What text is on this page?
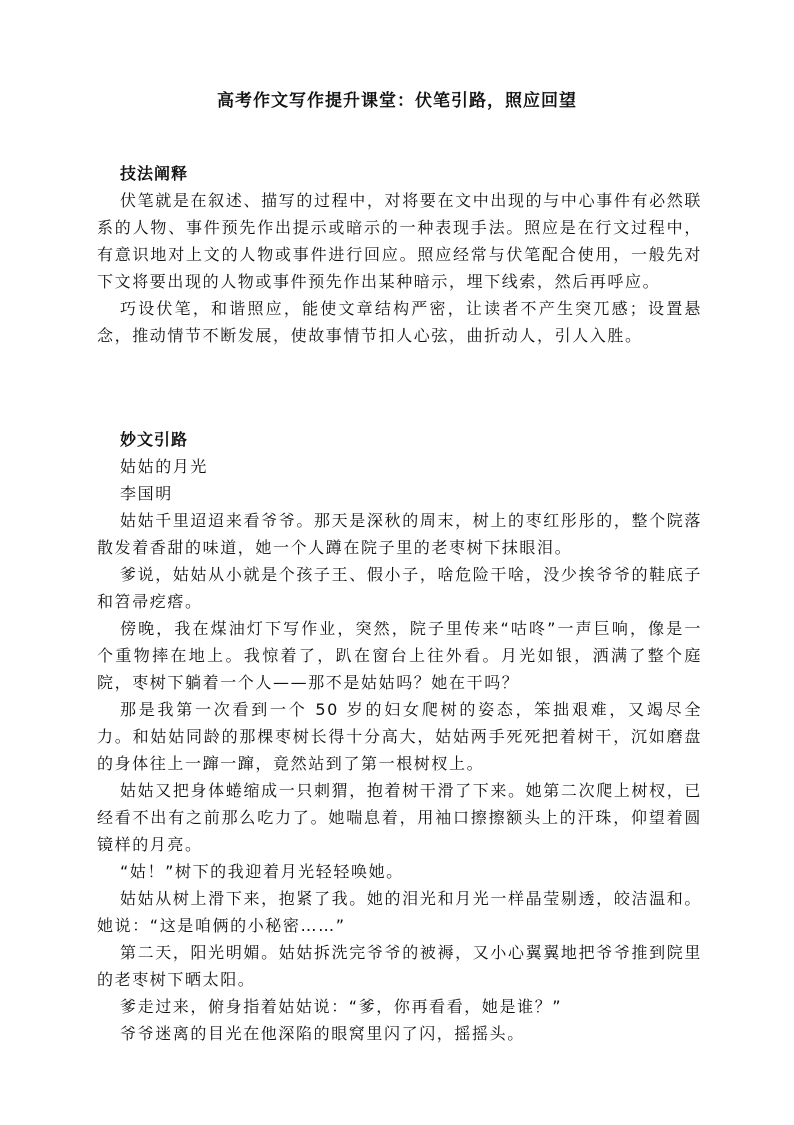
高考作文写作提升课堂：伏笔引路，照应回望
技法阐释
伏笔就是在叙述、描写的过程中，对将要在文中出现的与中心事件有必然联系的人物、事件预先作出提示或暗示的一种表现手法。照应是在行文过程中，有意识地对上文的人物或事件进行回应。照应经常与伏笔配合使用，一般先对下文将要出现的人物或事件预先作出某种暗示，埋下线索，然后再呼应。
巧设伏笔，和谐照应，能使文章结构严密，让读者不产生突兀感；设置悬念，推动情节不断发展，使故事情节扣人心弦，曲折动人，引人入胜。
妙文引路
姑姑的月光
李国明
姑姑千里迢迢来看爷爷。那天是深秋的周末，树上的枣红彤彤的，整个院落散发着香甜的味道，她一个人蹲在院子里的老枣树下抹眼泪。
爹说，姑姑从小就是个孩子王、假小子，啥危险干啥，没少挨爷爷的鞋底子和笤帚疙瘩。
傍晚，我在煤油灯下写作业，突然，院子里传来“咕咚”一声巨响，像是一个重物摔在地上。我惊着了，趴在窗台上往外看。月光如银，洒满了整个庭院，枣树下躺着一个人——那不是姑姑吗？她在干吗？
那是我第一次看到一个 50 岁的妇女爬树的姿态，笨拙艰难，又竭尽全力。和姑姑同龄的那棵枣树长得十分高大，姑姑两手死死把着树干，沉如磨盘的身体往上一蹿一蹿，竟然站到了第一根树杈上。
姑姑又把身体蜷缩成一只刺猬，抱着树干滑了下来。她第二次爬上树杈，已经看不出有之前那么吃力了。她喘息着，用袖口擦擦额头上的汗珠，仰望着圆镜样的月亮。
“姑！”树下的我迎着月光轻轻唤她。
姑姑从树上滑下来，抱紧了我。她的泪光和月光一样晶莹剔透，皎洁温和。她说：“这是咱俩的小秘密……”
第二天，阳光明媚。姑姑拆洗完爷爷的被褥，又小心翼翼地把爷爷推到院里的老枣树下晒太阳。
爹走过来，俯身指着姑姑说：“爹，你再看看，她是谁？”
爷爷迷离的目光在他深陷的眼窝里闪了闪，摇摇头。
